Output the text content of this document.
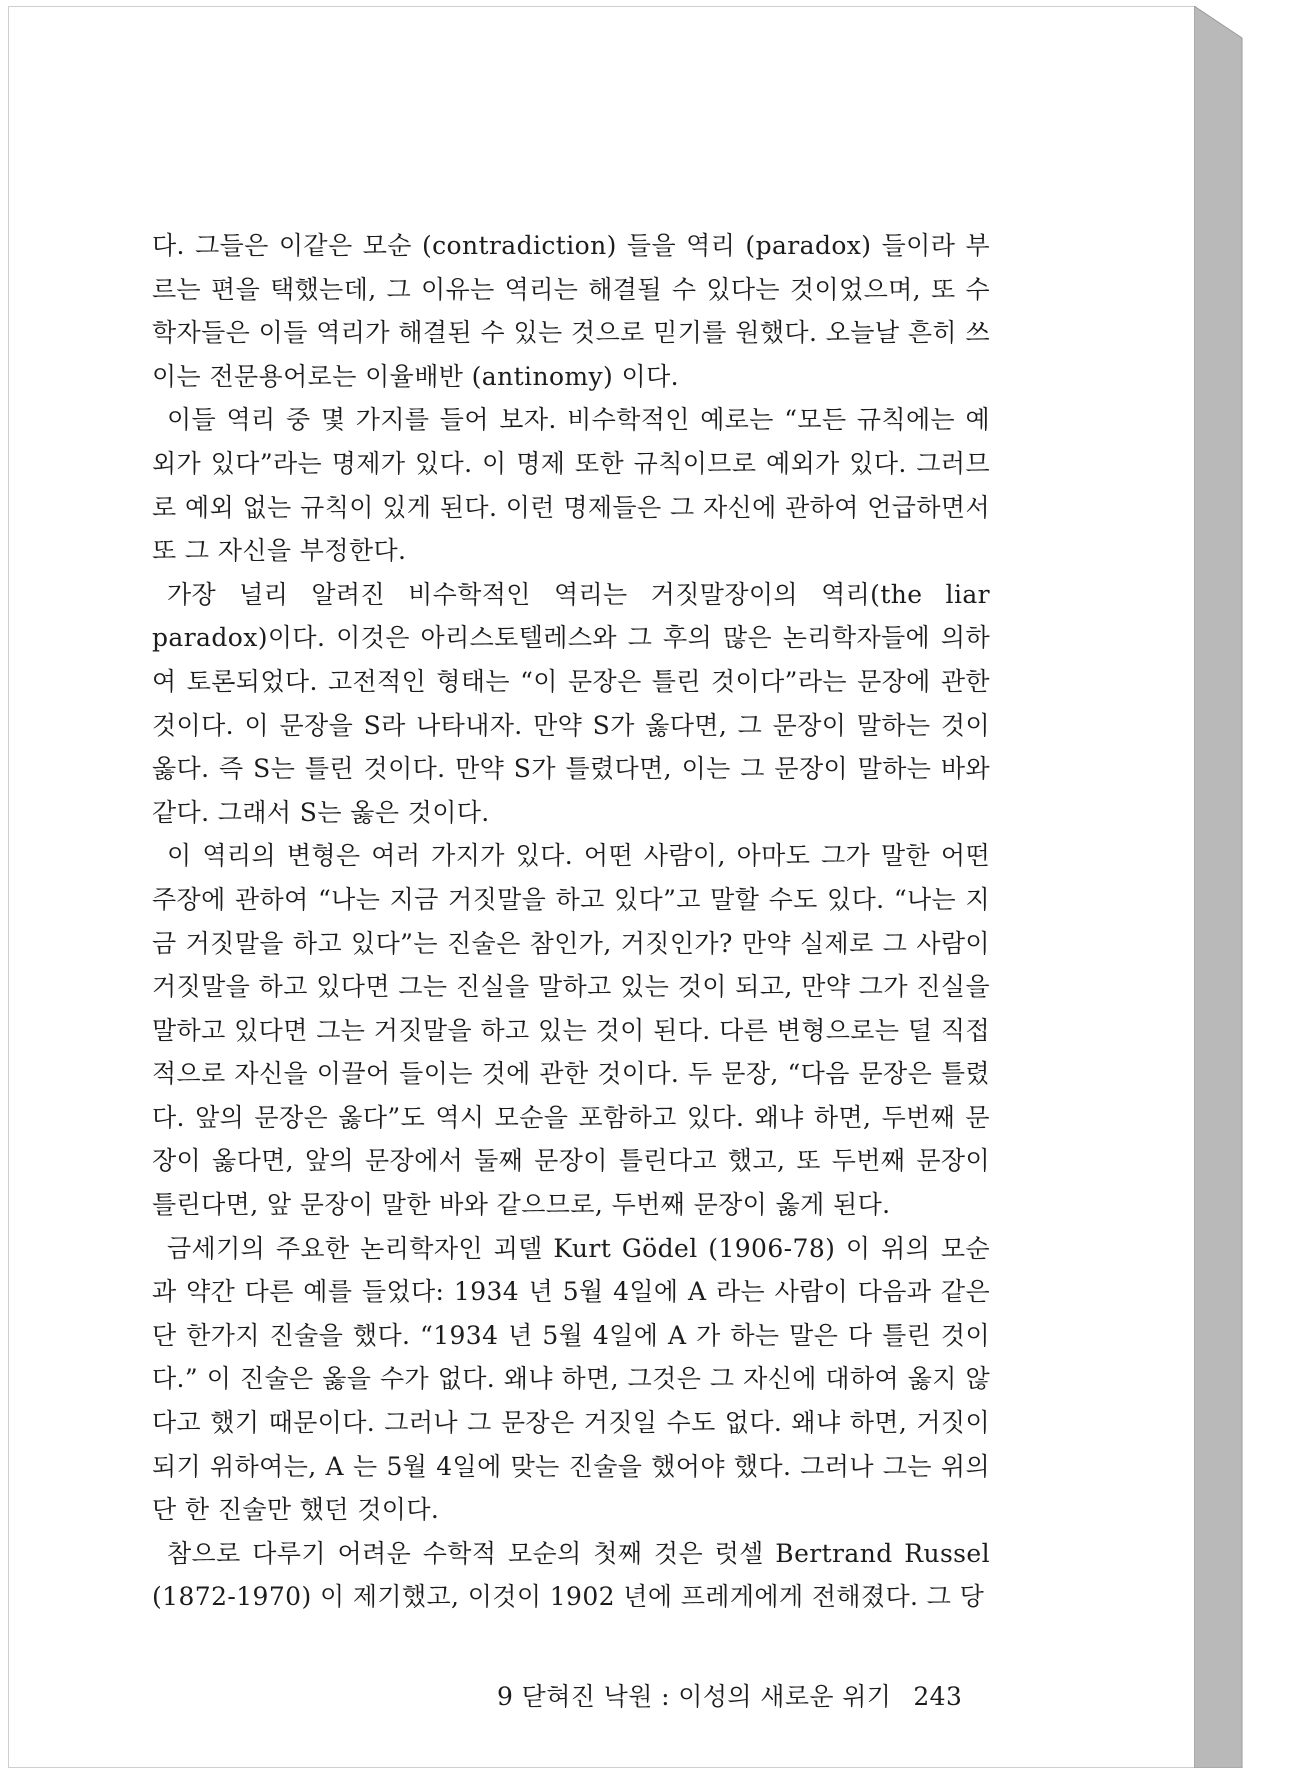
다. 그들은 이같은 모순 (contradiction) 들을 역리 (paradox) 들이라 부르는 편을 택했는데, 그 이유는 역리는 해결될 수 있다는 것이었으며, 또 수학자들은 이들 역리가 해결된 수 있는 것으로 믿기를 원했다. 오늘날 흔히 쓰이는 전문용어로는 이율배반 (antinomy) 이다.

이들 역리 중 몇 가지를 들어 보자. 비수학적인 예로는 “모든 규칙에는 예외가 있다”라는 명제가 있다. 이 명제 또한 규칙이므로 예외가 있다. 그러므로 예외 없는 규칙이 있게 된다. 이런 명제들은 그 자신에 관하여 언급하면서 또 그 자신을 부정한다.

가장 널리 알려진 비수학적인 역리는 거짓말장이의 역리(the liar paradox)이다. 이것은 아리스토텔레스와 그 후의 많은 논리학자들에 의하여 토론되었다. 고전적인 형태는 “이 문장은 틀린 것이다”라는 문장에 관한 것이다. 이 문장을 S라 나타내자. 만약 S가 옳다면, 그 문장이 말하는 것이 옳다. 즉 S는 틀린 것이다. 만약 S가 틀렸다면, 이는 그 문장이 말하는 바와 같다. 그래서 S는 옳은 것이다.

이 역리의 변형은 여러 가지가 있다. 어떤 사람이, 아마도 그가 말한 어떤 주장에 관하여 “나는 지금 거짓말을 하고 있다”고 말할 수도 있다. “나는 지금 거짓말을 하고 있다”는 진술은 참인가, 거짓인가? 만약 실제로 그 사람이 거짓말을 하고 있다면 그는 진실을 말하고 있는 것이 되고, 만약 그가 진실을 말하고 있다면 그는 거짓말을 하고 있는 것이 된다. 다른 변형으로는 덜 직접적으로 자신을 이끌어 들이는 것에 관한 것이다. 두 문장, “다음 문장은 틀렸다. 앞의 문장은 옳다”도 역시 모순을 포함하고 있다. 왜냐 하면, 두번째 문장이 옳다면, 앞의 문장에서 둘째 문장이 틀린다고 했고, 또 두번째 문장이 틀린다면, 앞 문장이 말한 바와 같으므로, 두번째 문장이 옳게 된다.

금세기의 주요한 논리학자인 괴델 Kurt Gödel (1906-78) 이 위의 모순과 약간 다른 예를 들었다: 1934 년 5월 4일에 A 라는 사람이 다음과 같은 단 한가지 진술을 했다. “1934 년 5월 4일에 A 가 하는 말은 다 틀린 것이다.” 이 진술은 옳을 수가 없다. 왜냐 하면, 그것은 그 자신에 대하여 옳지 않다고 했기 때문이다. 그러나 그 문장은 거짓일 수도 없다. 왜냐 하면, 거짓이 되기 위하여는, A 는 5월 4일에 맞는 진술을 했어야 했다. 그러나 그는 위의 단 한 진술만 했던 것이다.

참으로 다루기 어려운 수학적 모순의 첫째 것은 럿셀 Bertrand Russel (1872-1970) 이 제기했고, 이것이 1902 년에 프레게에게 전해졌다. 그 당

9 닫혀진 낙원 : 이성의 새로운 위기 243
